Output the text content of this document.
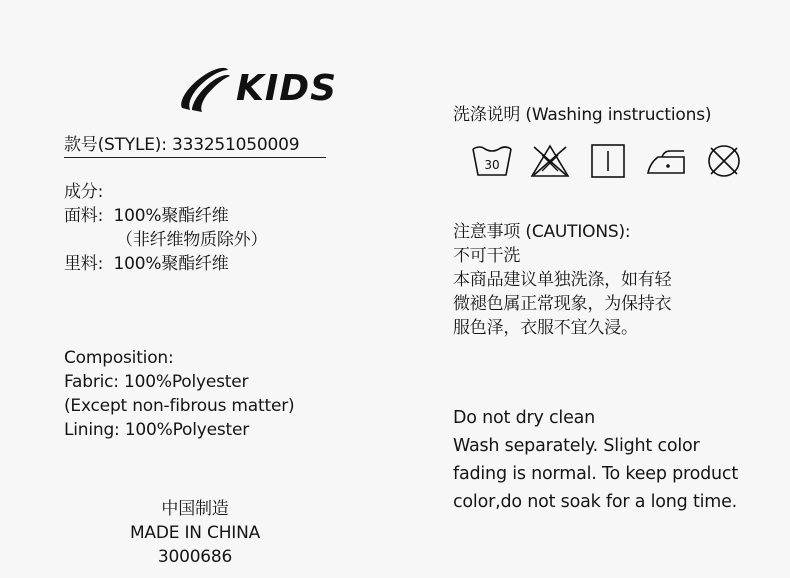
KIDS
款号(STYLE): 333251050009
成分:
面料:  100%聚酯纤维
（非纤维物质除外）
里料:  100%聚酯纤维
Composition:
Fabric: 100%Polyester
(Except non-fibrous matter)
Lining: 100%Polyester
中国制造
MADE IN CHINA
3000686
洗涤说明 (Washing instructions)
30
注意事项 (CAUTIONS):
不可干洗
本商品建议单独洗涤，如有轻
微褪色属正常现象，为保持衣
服色泽，衣服不宜久浸。
Do not dry clean
Wash separately. Slight color
fading is normal. To keep product
color,do not soak for a long time.
